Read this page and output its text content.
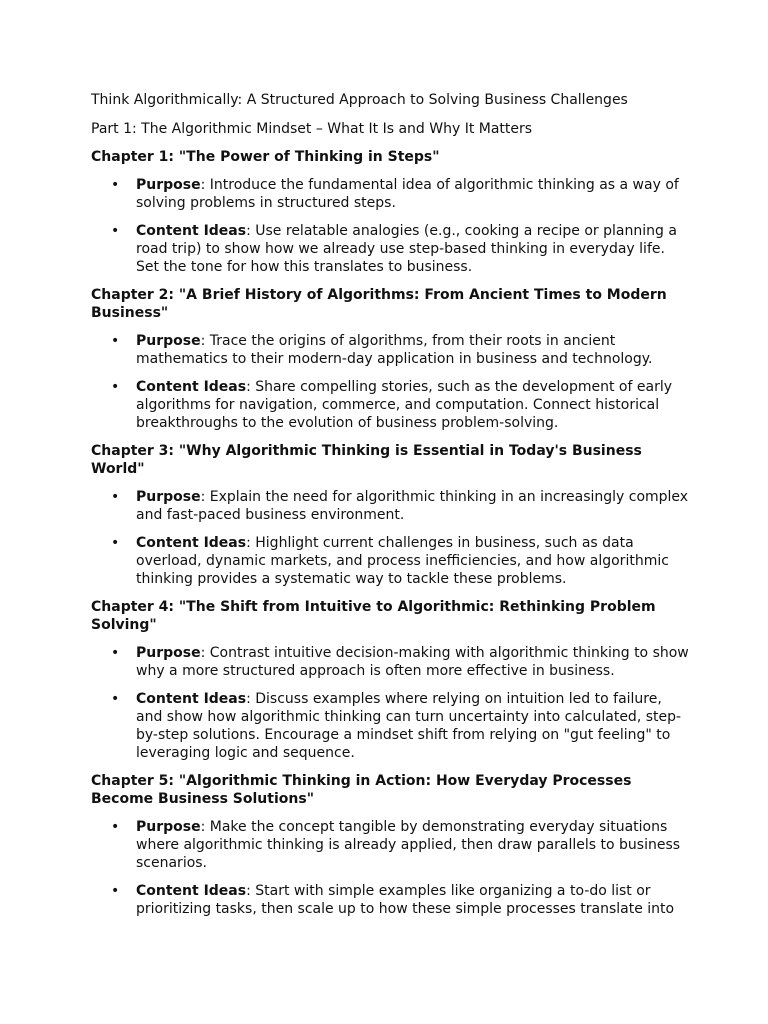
Think Algorithmically: A Structured Approach to Solving Business Challenges

Part 1: The Algorithmic Mindset – What It Is and Why It Matters

Chapter 1: "The Power of Thinking in Steps"

• Purpose: Introduce the fundamental idea of algorithmic thinking as a way of solving problems in structured steps.
• Content Ideas: Use relatable analogies (e.g., cooking a recipe or planning a road trip) to show how we already use step-based thinking in everyday life. Set the tone for how this translates to business.

Chapter 2: "A Brief History of Algorithms: From Ancient Times to Modern Business"

• Purpose: Trace the origins of algorithms, from their roots in ancient mathematics to their modern-day application in business and technology.
• Content Ideas: Share compelling stories, such as the development of early algorithms for navigation, commerce, and computation. Connect historical breakthroughs to the evolution of business problem-solving.

Chapter 3: "Why Algorithmic Thinking is Essential in Today's Business World"

• Purpose: Explain the need for algorithmic thinking in an increasingly complex and fast-paced business environment.
• Content Ideas: Highlight current challenges in business, such as data overload, dynamic markets, and process inefficiencies, and how algorithmic thinking provides a systematic way to tackle these problems.

Chapter 4: "The Shift from Intuitive to Algorithmic: Rethinking Problem Solving"

• Purpose: Contrast intuitive decision-making with algorithmic thinking to show why a more structured approach is often more effective in business.
• Content Ideas: Discuss examples where relying on intuition led to failure, and show how algorithmic thinking can turn uncertainty into calculated, step-by-step solutions. Encourage a mindset shift from relying on "gut feeling" to leveraging logic and sequence.

Chapter 5: "Algorithmic Thinking in Action: How Everyday Processes Become Business Solutions"

• Purpose: Make the concept tangible by demonstrating everyday situations where algorithmic thinking is already applied, then draw parallels to business scenarios.
• Content Ideas: Start with simple examples like organizing a to-do list or prioritizing tasks, then scale up to how these simple processes translate into
